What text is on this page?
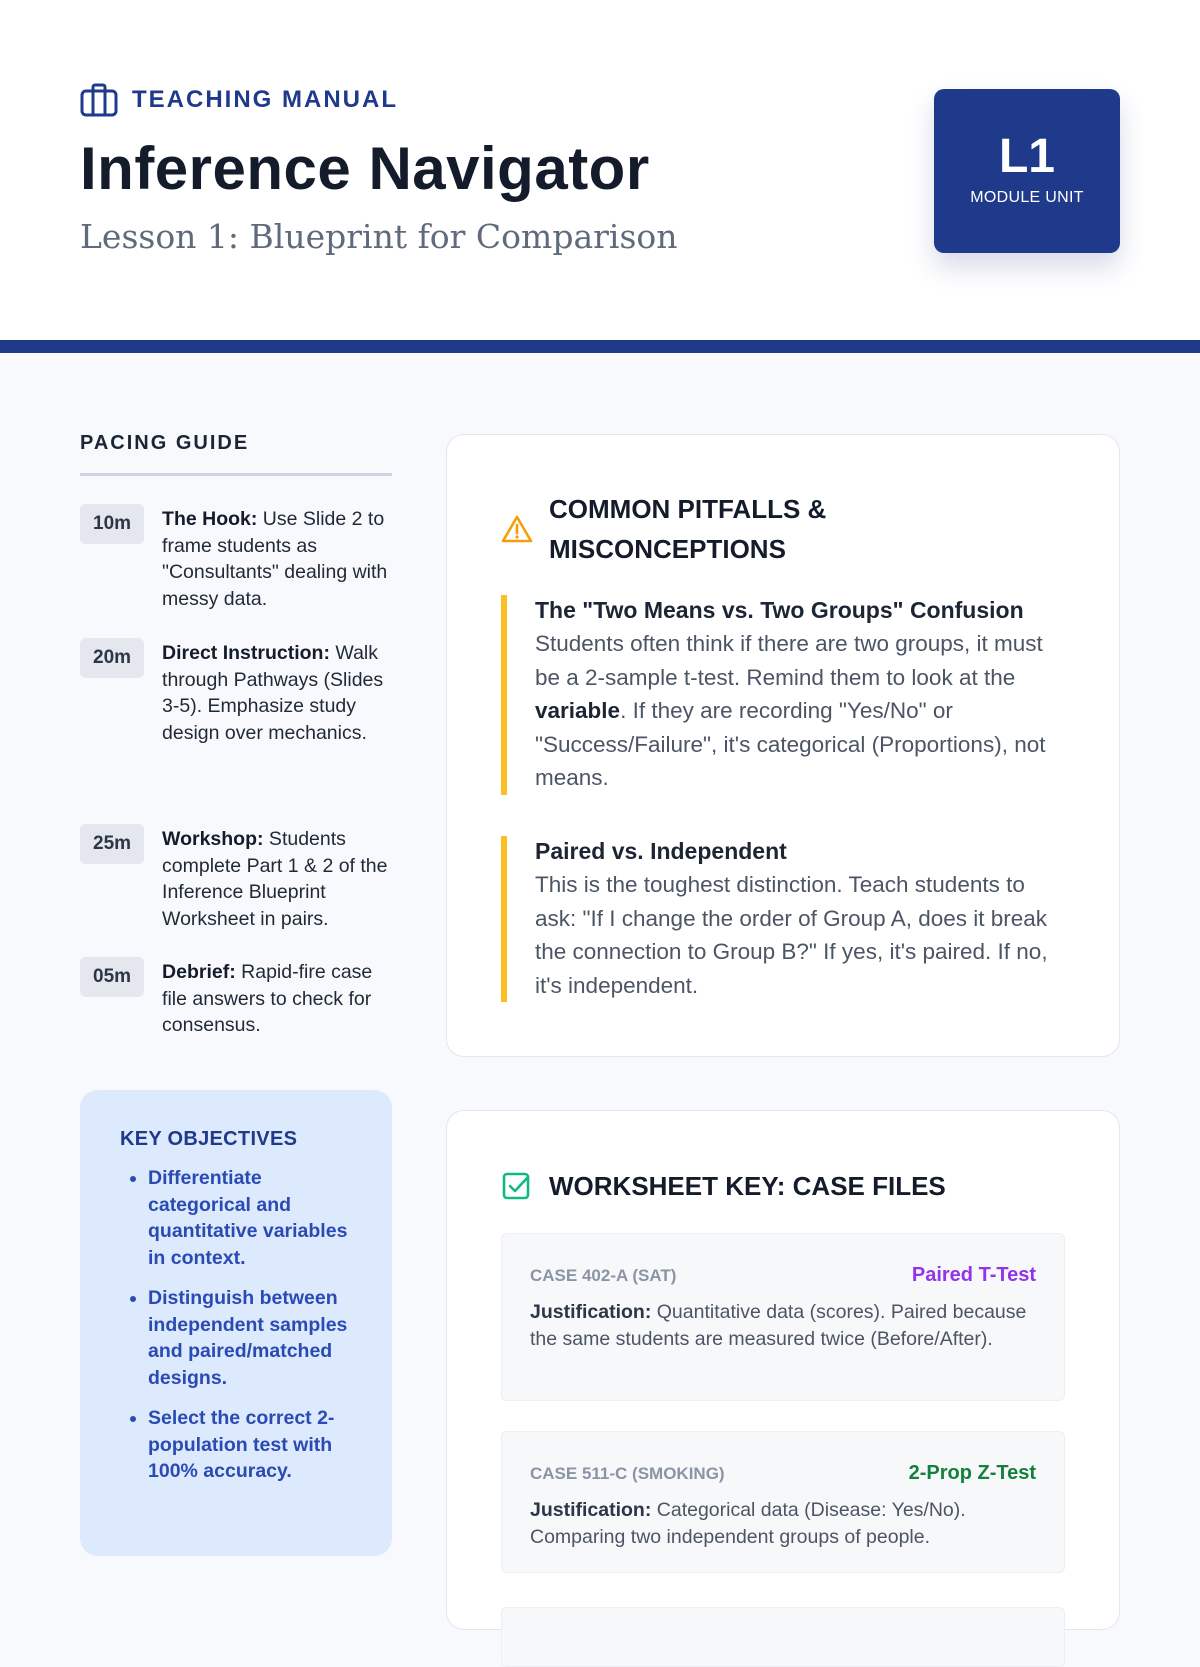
TEACHING MANUAL
Inference Navigator

Lesson 1: Blueprint for Comparison

L1
MODULE UNIT
PACING GUIDE
10m	The Hook: Use Slide 2 to frame students as "Consultants" dealing with messy data.
20m	Direct Instruction: Walk through Pathways (Slides 3-5). Emphasize study design over mechanics.
25m	Workshop: Students complete Part 1 & 2 of the Inference Blueprint Worksheet in pairs.
05m	Debrief: Rapid-fire case file answers to check for consensus.
KEY OBJECTIVES
• Differentiate categorical and quantitative variables in context.
• Distinguish between independent samples and paired/matched designs.
• Select the correct 2-population test with 100% accuracy.
COMMON PITFALLS & MISCONCEPTIONS
The "Two Means vs. Two Groups" Confusion

Students often think if there are two groups, it must be a 2-sample t-test. Remind them to look at the variable. If they are recording "Yes/No" or "Success/Failure", it's categorical (Proportions), not means.

Paired vs. Independent

This is the toughest distinction. Teach students to ask: "If I change the order of Group A, does it break the connection to Group B?" If yes, it's paired. If no, it's independent.

WORKSHEET KEY: CASE FILES
CASE 402-A (SAT)	Paired T-Test
Justification: Quantitative data (scores). Paired because the same students are measured twice (Before/After).
CASE 511-C (SMOKING)	2-Prop Z-Test
Justification: Categorical data (Disease: Yes/No). Comparing two independent groups of people.
